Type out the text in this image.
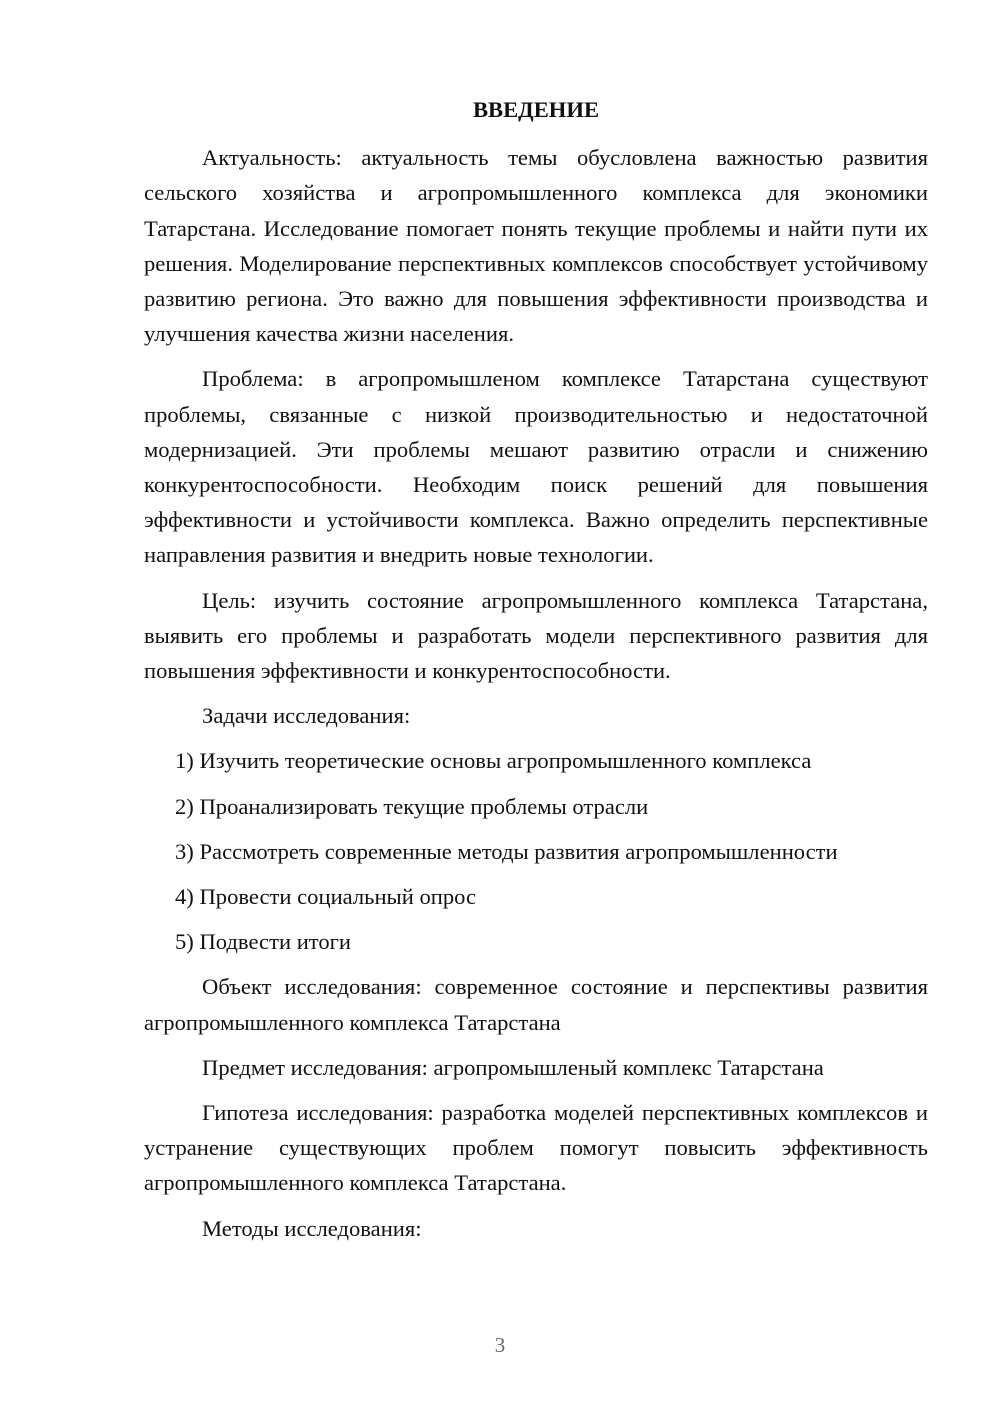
ВВЕДЕНИЕ

Актуальность: актуальность темы обусловлена важностью развития сельского хозяйства и агропромышленного комплекса для экономики Татарстана. Исследование помогает понять текущие проблемы и найти пути их решения. Моделирование перспективных комплексов способствует устойчивому развитию региона. Это важно для повышения эффективности производства и улучшения качества жизни населения.

Проблема: в агропромышленом комплексе Татарстана существуют проблемы, связанные с низкой производительностью и недостаточной модернизацией. Эти проблемы мешают развитию отрасли и снижению конкурентоспособности. Необходим поиск решений для повышения эффективности и устойчивости комплекса. Важно определить перспективные направления развития и внедрить новые технологии.

Цель: изучить состояние агропромышленного комплекса Татарстана, выявить его проблемы и разработать модели перспективного развития для повышения эффективности и конкурентоспособности.

Задачи исследования:

1) Изучить теоретические основы агропромышленного комплекса
2) Проанализировать текущие проблемы отрасли
3) Рассмотреть современные методы развития агропромышленности
4) Провести социальный опрос
5) Подвести итоги

Объект исследования: современное состояние и перспективы развития агропромышленного комплекса Татарстана

Предмет исследования: агропромышленый комплекс Татарстана

Гипотеза исследования: разработка моделей перспективных комплексов и устранение существующих проблем помогут повысить эффективность агропромышленного комплекса Татарстана.

Методы исследования:

3
